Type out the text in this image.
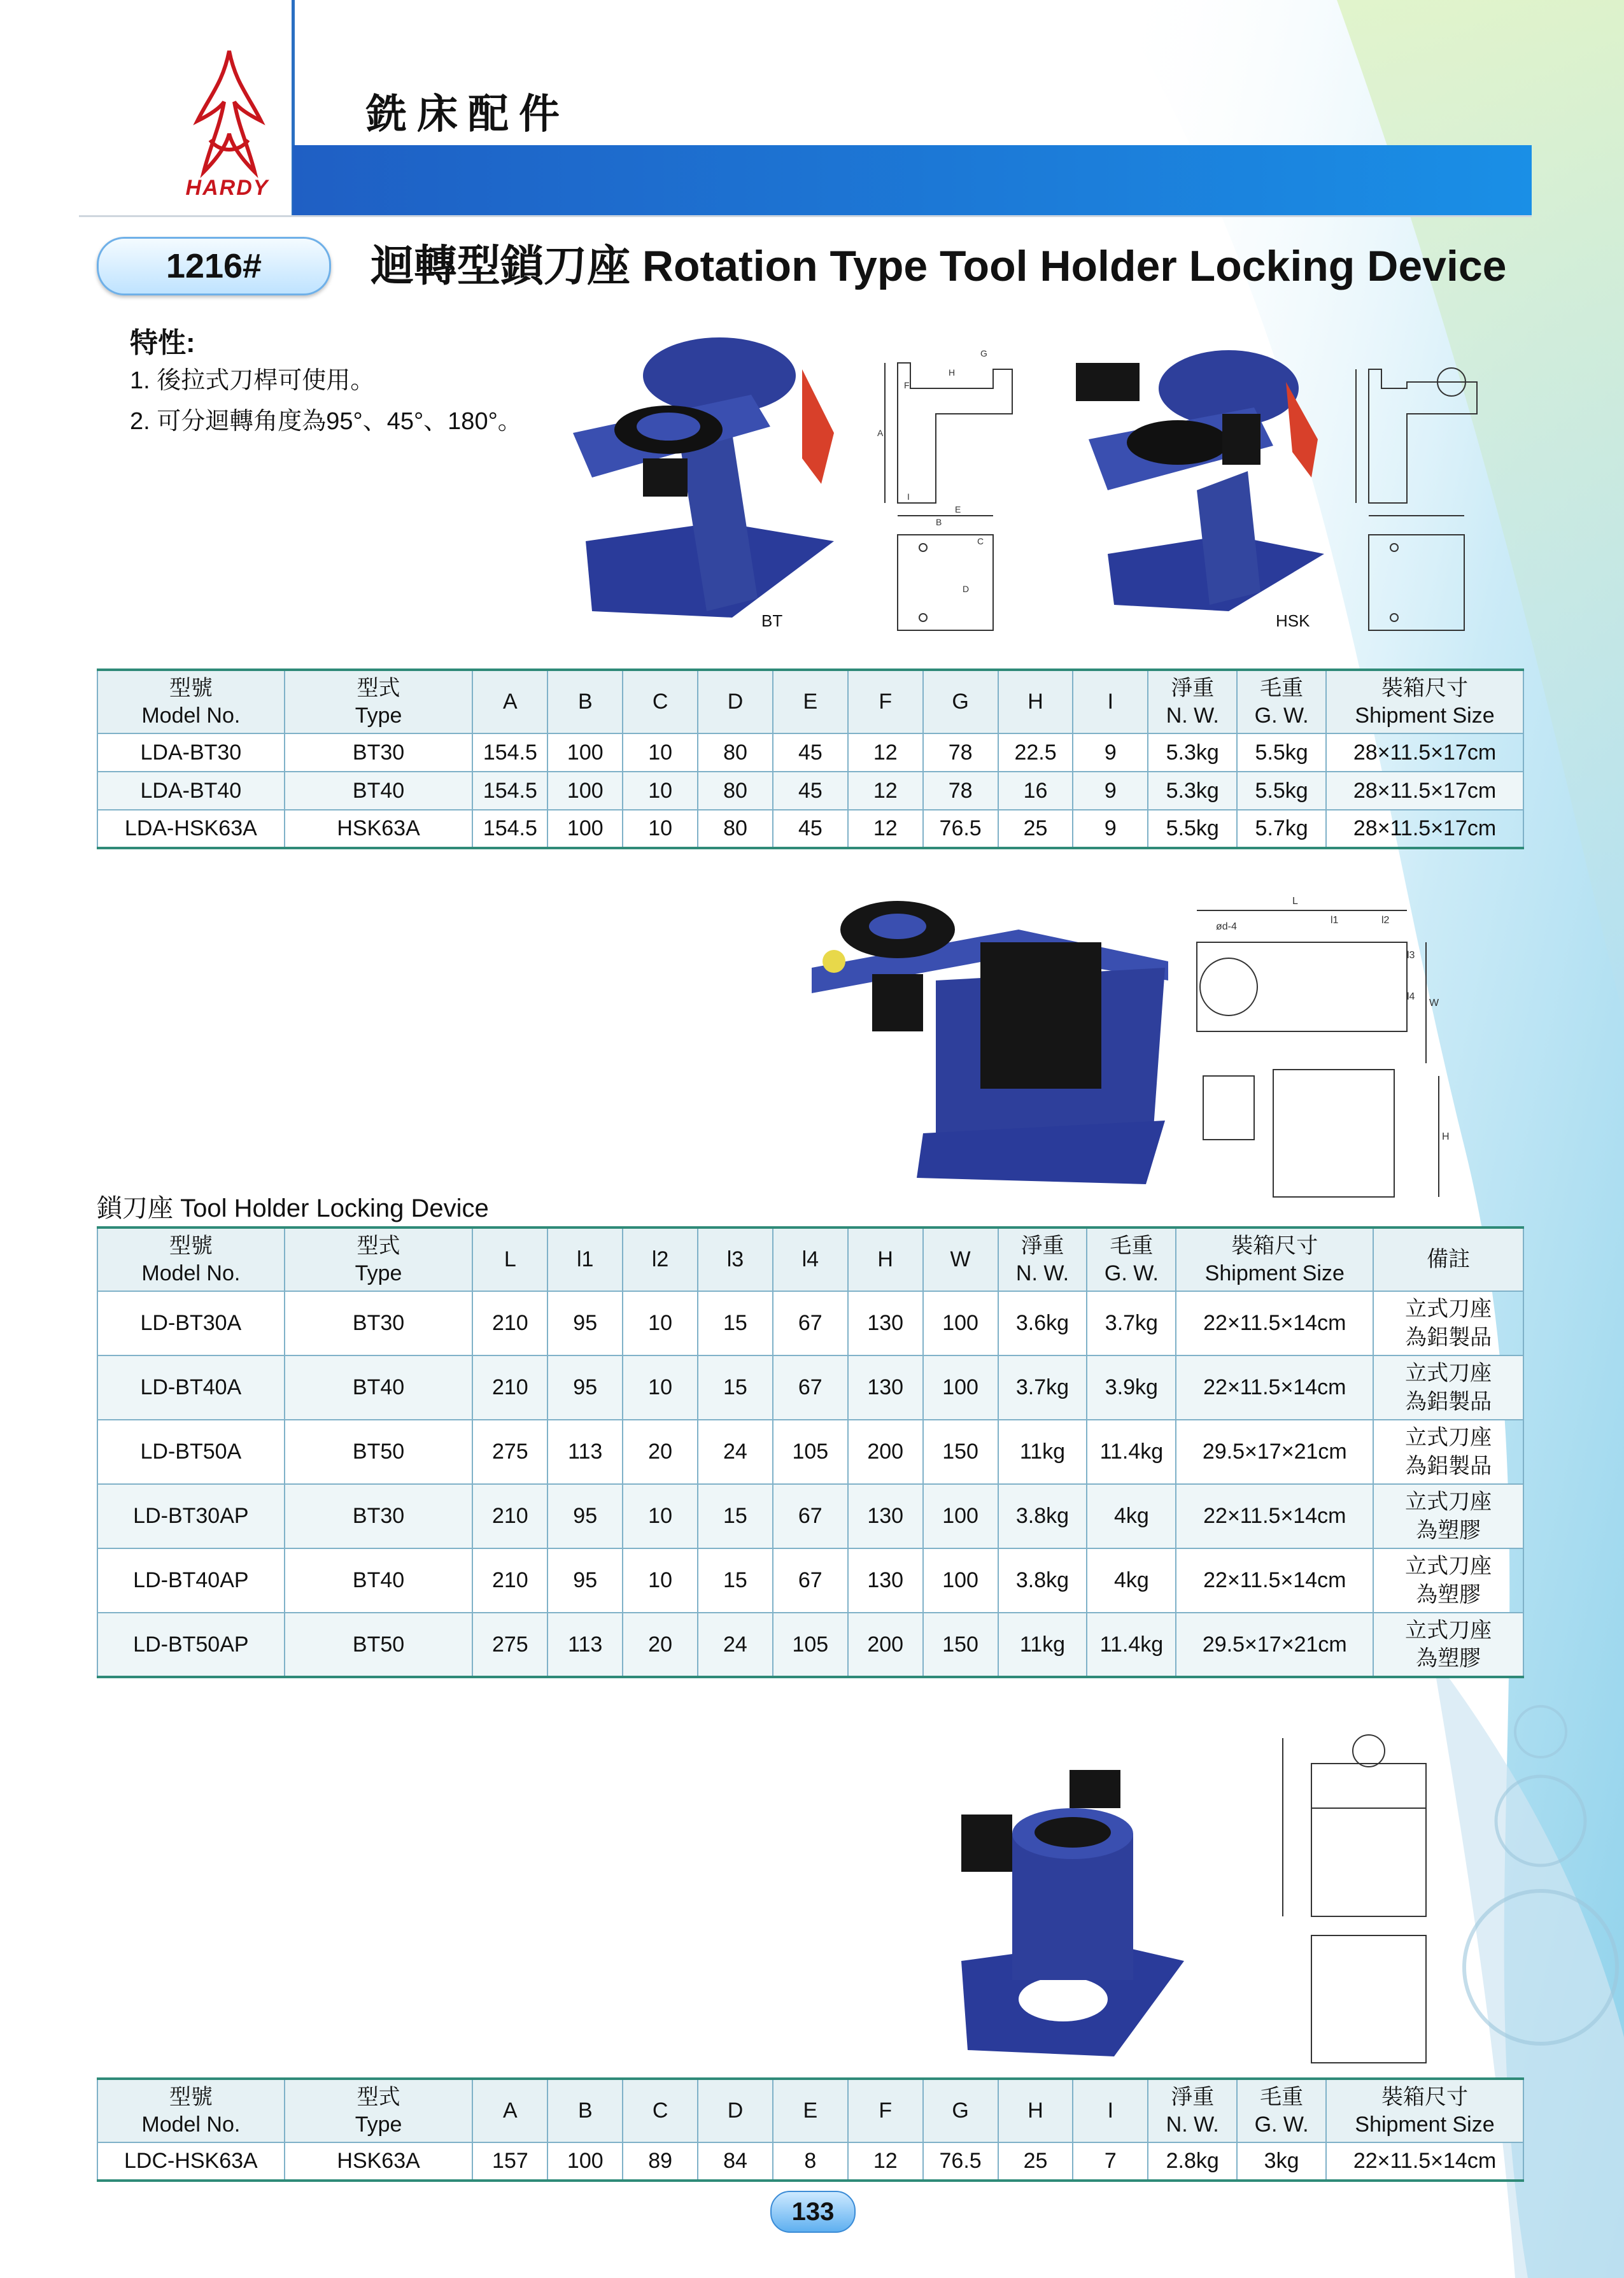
HARDY
銑床配件
1216#	迴轉型鎖刀座 Rotation Type Tool Holder Locking Device
特性:
1. 後拉式刀桿可使用。
2. 可分迴轉角度為95°、45°、180°。
BT
A
B
C
D
E
F
G
H
I
HSK
型號
Model No.	型式
Type	A	B	C	D	E	F	G	H	I	淨重
N. W.	毛重
G. W.	裝箱尺寸
Shipment Size
LDA-BT30	BT30	154.5	100	10	80	45	12	78	22.5	9	5.3kg	5.5kg	28×11.5×17cm
LDA-BT40	BT40	154.5	100	10	80	45	12	78	16	9	5.3kg	5.5kg	28×11.5×17cm
LDA-HSK63A	HSK63A	154.5	100	10	80	45	12	76.5	25	9	5.5kg	5.7kg	28×11.5×17cm
L
l1	l2
l3
l4
W
H
ød-4
鎖刀座 Tool Holder Locking Device
型號
Model No.	型式
Type	L	l1	l2	l3	l4	H	W	淨重
N. W.	毛重
G. W.	裝箱尺寸
Shipment Size	備註
LD-BT30A	BT30	210	95	10	15	67	130	100	3.6kg	3.7kg	22×11.5×14cm	立式刀座
為鋁製品
LD-BT40A	BT40	210	95	10	15	67	130	100	3.7kg	3.9kg	22×11.5×14cm	立式刀座
為鋁製品
LD-BT50A	BT50	275	113	20	24	105	200	150	11kg	11.4kg	29.5×17×21cm	立式刀座
為鋁製品
LD-BT30AP	BT30	210	95	10	15	67	130	100	3.8kg	4kg	22×11.5×14cm	立式刀座
為塑膠
LD-BT40AP	BT40	210	95	10	15	67	130	100	3.8kg	4kg	22×11.5×14cm	立式刀座
為塑膠
LD-BT50AP	BT50	275	113	20	24	105	200	150	11kg	11.4kg	29.5×17×21cm	立式刀座
為塑膠
型號
Model No.	型式
Type	A	B	C	D	E	F	G	H	I	淨重
N. W.	毛重
G. W.	裝箱尺寸
Shipment Size
LDC-HSK63A	HSK63A	157	100	89	84	8	12	76.5	25	7	2.8kg	3kg	22×11.5×14cm
133
